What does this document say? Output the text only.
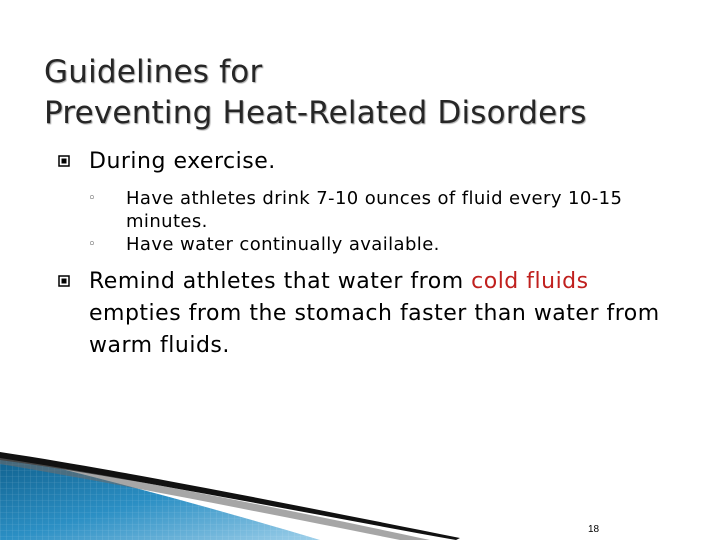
Guidelines for
Preventing Heat-Related Disorders
During exercise.
◦ Have athletes drink 7-10 ounces of fluid every 10-15 minutes.
◦ Have water continually available.
Remind athletes that water from cold fluids empties from the stomach faster than water from warm fluids.
18
